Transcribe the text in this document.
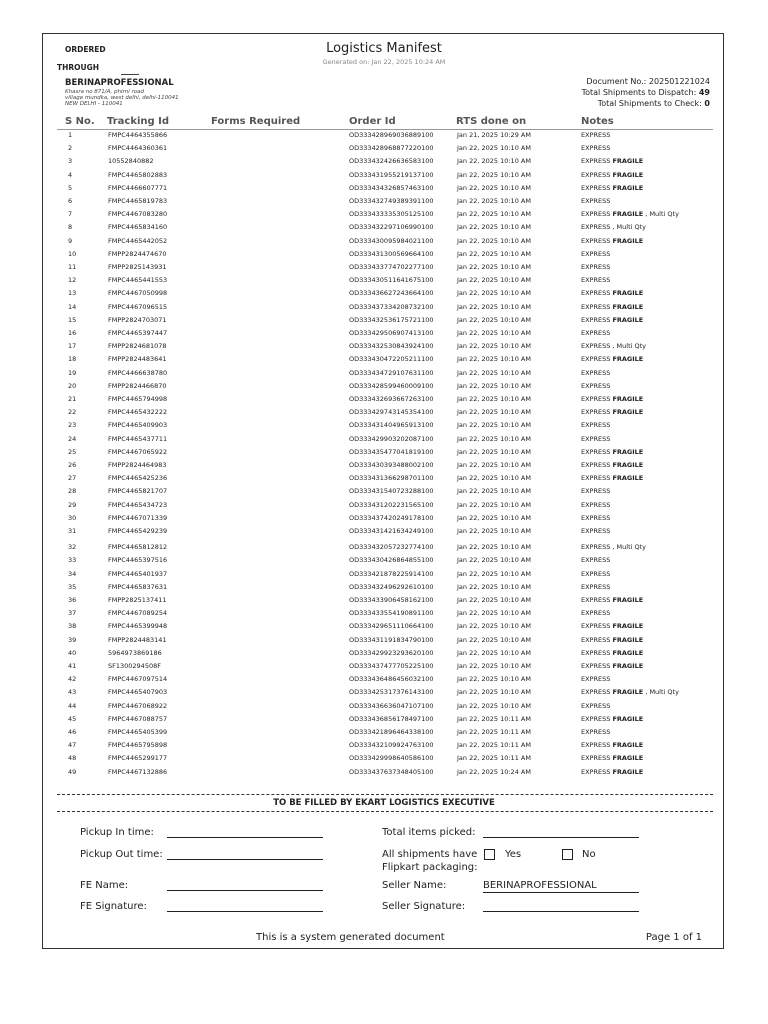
ORDERED
THROUGH
Logistics Manifest
Generated on: Jan 22, 2025 10:24 AM
BERINAPROFESSIONAL
Khasra no 871/A, phirni road
village mundka, west delhi, delhi-110041
NEW DELHI - 110041
Document No.: 202501221024
Total Shipments to Dispatch: 49
Total Shipments to Check: 0
S No. Tracking Id	Forms Required	Order Id	RTS done on	Notes
1	FMPC4464355866	OD333428969036889100	Jan 21, 2025 10:29 AM	EXPRESS
2	FMPC4464360361	OD333428968877220100	Jan 22, 2025 10:10 AM	EXPRESS
3	10552840882	OD333432426636583100	Jan 22, 2025 10:10 AM	EXPRESS FRAGILE
4	FMPC4465802883	OD333431955219137100	Jan 22, 2025 10:10 AM	EXPRESS FRAGILE
5	FMPC4466607771	OD333434326857463100	Jan 22, 2025 10:10 AM	EXPRESS FRAGILE
6	FMPC4465819783	OD333432749389391100	Jan 22, 2025 10:10 AM	EXPRESS
7	FMPC4467083280	OD333433335305125100	Jan 22, 2025 10:10 AM	EXPRESS FRAGILE , Multi Qty
8	FMPC4465834160	OD333432297106990100	Jan 22, 2025 10:10 AM	EXPRESS , Multi Qty
9	FMPC4465442052	OD333430095984021100	Jan 22, 2025 10:10 AM	EXPRESS FRAGILE
10	FMPP2824474670	OD333431300569664100	Jan 22, 2025 10:10 AM	EXPRESS
11	FMPP2825143931	OD333433774702277100	Jan 22, 2025 10:10 AM	EXPRESS
12	FMPC4465441553	OD333430511641675100	Jan 22, 2025 10:10 AM	EXPRESS
13	FMPC4467050998	OD333436627243664100	Jan 22, 2025 10:10 AM	EXPRESS FRAGILE
14	FMPC4467096515	OD333437334208732100	Jan 22, 2025 10:10 AM	EXPRESS FRAGILE
15	FMPP2824703071	OD333432536175721100	Jan 22, 2025 10:10 AM	EXPRESS FRAGILE
16	FMPC4465397447	OD333429506907413100	Jan 22, 2025 10:10 AM	EXPRESS
17	FMPP2824681078	OD333432530843924100	Jan 22, 2025 10:10 AM	EXPRESS , Multi Qty
18	FMPP2824483641	OD333430472205211100	Jan 22, 2025 10:10 AM	EXPRESS FRAGILE
19	FMPC4466638780	OD333434729107631100	Jan 22, 2025 10:10 AM	EXPRESS
20	FMPP2824466870	OD333428599460009100	Jan 22, 2025 10:10 AM	EXPRESS
21	FMPC4465794998	OD333432693667263100	Jan 22, 2025 10:10 AM	EXPRESS FRAGILE
22	FMPC4465432222	OD333429743145354100	Jan 22, 2025 10:10 AM	EXPRESS FRAGILE
23	FMPC4465409903	OD333431404965913100	Jan 22, 2025 10:10 AM	EXPRESS
24	FMPC4465437711	OD333429903202087100	Jan 22, 2025 10:10 AM	EXPRESS
25	FMPC4467065922	OD333435477041819100	Jan 22, 2025 10:10 AM	EXPRESS FRAGILE
26	FMPP2824464983	OD333430393488002100	Jan 22, 2025 10:10 AM	EXPRESS FRAGILE
27	FMPC4465425236	OD333431366298701100	Jan 22, 2025 10:10 AM	EXPRESS FRAGILE
28	FMPC4465821707	OD333431540723288100	Jan 22, 2025 10:10 AM	EXPRESS
29	FMPC4465434723	OD333431202231565100	Jan 22, 2025 10:10 AM	EXPRESS
30	FMPC4467071339	OD333437420249178100	Jan 22, 2025 10:10 AM	EXPRESS
31	FMPC4465429239	OD333431421634249100	Jan 22, 2025 10:10 AM	EXPRESS
32	FMPC4465812812	OD333432057232774100	Jan 22, 2025 10:10 AM	EXPRESS , Multi Qty
33	FMPC4465397516	OD333430426864855100	Jan 22, 2025 10:10 AM	EXPRESS
34	FMPC4465401937	OD333421878225914100	Jan 22, 2025 10:10 AM	EXPRESS
35	FMPC4465837631	OD333432496292610100	Jan 22, 2025 10:10 AM	EXPRESS
36	FMPP2825137411	OD333433906458162100	Jan 22, 2025 10:10 AM	EXPRESS FRAGILE
37	FMPC4467089254	OD333433554190891100	Jan 22, 2025 10:10 AM	EXPRESS
38	FMPC4465399948	OD333429651110664100	Jan 22, 2025 10:10 AM	EXPRESS FRAGILE
39	FMPP2824483141	OD333431191834790100	Jan 22, 2025 10:10 AM	EXPRESS FRAGILE
40	5964973869186	OD333429923293620100	Jan 22, 2025 10:10 AM	EXPRESS FRAGILE
41	SF1300294508F	OD333437477705225100	Jan 22, 2025 10:10 AM	EXPRESS FRAGILE
42	FMPC4467097514	OD333436486456032100	Jan 22, 2025 10:10 AM	EXPRESS
43	FMPC4465407903	OD333425317376143100	Jan 22, 2025 10:10 AM	EXPRESS FRAGILE , Multi Qty
44	FMPC4467068922	OD333436636047107100	Jan 22, 2025 10:10 AM	EXPRESS
45	FMPC4467088757	OD333436856178497100	Jan 22, 2025 10:11 AM	EXPRESS FRAGILE
46	FMPC4465405399	OD333421896464338100	Jan 22, 2025 10:11 AM	EXPRESS
47	FMPC4465795898	OD333432109924763100	Jan 22, 2025 10:11 AM	EXPRESS FRAGILE
48	FMPC4465299177	OD333429998640586100	Jan 22, 2025 10:11 AM	EXPRESS FRAGILE
49	FMPC4467132886	OD333437637348405100	Jan 22, 2025 10:24 AM	EXPRESS FRAGILE
TO BE FILLED BY EKART LOGISTICS EXECUTIVE
Pickup In time:
Pickup Out time:
FE Name:
FE Signature:
Total items picked:
All shipments have
Flipkart packaging:
Yes	No
Seller Name:	BERINAPROFESSIONAL
Seller Signature:
This is a system generated document	Page 1 of 1
